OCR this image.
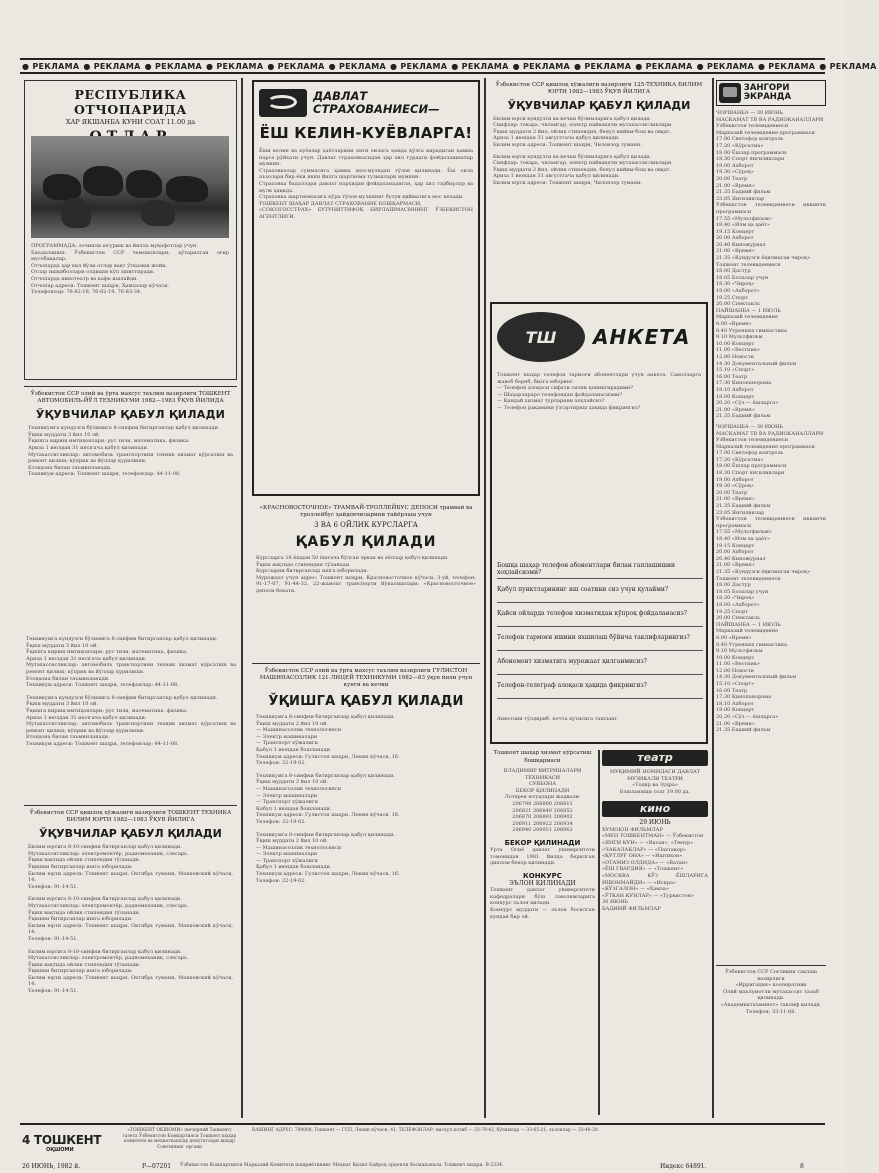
● РЕКЛАМА ● РЕКЛАМА ● РЕКЛАМА ● РЕКЛАМА ● РЕКЛАМА ● РЕКЛАМА ● РЕКЛАМА ● РЕКЛАМА ● РЕКЛАМА ● РЕКЛАМА ● РЕКЛАМА ● РЕКЛАМА ● РЕКЛАМА ● РЕКЛАМА
РЕСПУБЛИКА ОТЧОПАРИДА
ХАР ЯКШАНБА КУНИ СОАТ 11.00 да
ПРОГРАММАДА: лочинли югуриш ва йилла муқофотлар учун.
Баъдаланиш: Ўзбекистон ССР чемпионлари; қўтарилган оғир мусобақалар.
Отчопарда ҳар хил йўли отлар вақт ўтказиш жойи.
Отлар ишқибозлари олдидан кўп эшиттиради.
Отчопарда кинотеатр ва кафе ишлайди.
Отчопар адреси: Тошкент шаҳри, Ҳамзалар кўчаси.
Телефонлар: 76-82-18, 76-82-19, 76-83-34.
Ўзбекистон ССР олий ва ўрта махсус таълим вазирлиги ТОШКЕНТ АВТОМОБИЛЬ-ЙЎЛ ТЕХНИКУМИ 1982—1983 ЎҚУВ ЙИЛИДА
ЎҚУВЧИЛАР ҚАБУЛ ҚИЛАДИ
Техникумга кундузги бўлимига 8-синфни битирганлар қабул қилинади.
Ўқиш муддати 3 йил 10 ой.
Ўқишга кириш имтиҳонлари: рус тили, математика, физика.
Ариза 1 июлдан 31 июлгача қабул қилинади.
Мутахассисликлар: автомобиль транспортини техник хизмат кўрсатиш ва ремонт қилиш; кўприк ва йўллар қурилиши.
Етоқхона билан таъминланади.
Техникум адреси: Тошкент шаҳри, телефонлар: 44-11-08.
Техникумга кундузги бўлимига 8-синфни битирганлар қабул қилинади.
Ўқиш муддати 3 йил 10 ой.
Ўқишга кириш имтиҳонлари: рус тили, математика, физика.
Ариза 1 июлдан 31 июлгача қабул қилинади.
Мутахассисликлар: автомобиль транспортини техник хизмат кўрсатиш ва ремонт қилиш; кўприк ва йўллар қурилиши.
Етоқхона билан таъминланади.
Техникум адреси: Тошкент шаҳри, телефонлар: 44-11-08.
Техникумга кундузги бўлимига 8-синфни битирганлар қабул қилинади.
Ўқиш муддати 3 йил 10 ой.
Ўқишга кириш имтиҳонлари: рус тили, математика, физика.
Ариза 1 июлдан 31 июлгача қабул қилинади.
Мутахассисликлар: автомобиль транспортини техник хизмат кўрсатиш ва ремонт қилиш; кўприк ва йўллар қурилиши.
Етоқхона билан таъминланади.
Техникум адреси: Тошкент шаҳри, телефонлар: 44-11-08.
Ўзбекистон ССР қишлоқ хўжалиги вазирлиги ТОШКЕНТ ТЕХНИКА БИЛИМ ЮРТИ 1982—1983 ЎҚУВ ЙИЛИГА
ЎҚУВЧИЛАР ҚАБУЛ ҚИЛАДИ
Билим юртига 8-10-синфни битирганлар қабул қилинади.
Мутахассисликлар: электромонтёр, радиомеханик, слесарь.
Ўқиш вақтида ойлик стипендия тўланади.
Ўқишни битирганлар ишга юборилади.
Билим юрти адреси: Тошкент шаҳри, Октябрь тумани, Маяковский кўчаси, 14.
Телефон: 91-14-51.
Билим юртига 8-10-синфни битирганлар қабул қилинади.
Мутахассисликлар: электромонтёр, радиомеханик, слесарь.
Ўқиш вақтида ойлик стипендия тўланади.
Ўқишни битирганлар ишга юборилади.
Билим юрти адреси: Тошкент шаҳри, Октябрь тумани, Маяковский кўчаси, 14.
Телефон: 91-14-51.
Билим юртига 8-10-синфни битирганлар қабул қилинади.
Мутахассисликлар: электромонтёр, радиомеханик, слесарь.
Ўқиш вақтида ойлик стипендия тўланади.
Ўқишни битирганлар ишга юборилади.
Билим юрти адреси: Тошкент шаҳри, Октябрь тумани, Маяковский кўчаси, 14.
Телефон: 91-14-51.
ДАВЛАТ СТРАХОВАНИЕСИ—
ЁШ КЕЛИН-КУЁВЛАРГА!
Ёши келин ва куёвлар ҳаётларини янги оилага ҳамда қўлга кирадиган ҳамма нарса рўйхати учун. Давлат страховкасидан ҳар хил турдаги фойдаланишлар мумкин.
Страховкалар суммасига ҳамма мол-мулкдан тўлов қилинади. Ёш оила аъзолари бир ёки икки йилга шартнома тузишлари мумкин.
Страховка бадаллари давлат нархидан фойдаланадиган, ҳар хил тадбирлар ва мулк ҳақида.
Страховка шартномасига кўра тўлов мулкнинг бутун қийматига мос келади.
ТОШКЕНТ ШАҲАР ДАВЛАТ СТРАХОВАНИЕ БОШҚАРМАСИ,
«СОЮЗГОССТРАХ» БҮТУНИТТИФОҚ БИРЛАШМАСИНИНГ ЎЗБЕКИСТОН АГЕНТЛИГИ.
«КРАСНОВОСТОЧНОЕ» ТРАМВАЙ-ТРОЛЛЕЙБУС ДЕПОСИ трамвай ва троллейбус ҳайдовчиларини тайёрлаш учун
3 ВА 6 ОЙЛИК КУРСЛАРГА
ҚАБУЛ ҚИЛАДИ
Курсларга 18 ёшдан 50 ёшгача бўлган эркак ва аёллар қабул қилинади.
Ўқиш вақтида стипендия тўланади.
Курсларни битирганлар ишга юборилади.
Мурожаат учун адрес: Тошкент шаҳри, Красновосточное кўчаси, 3-уй, телефон: 91-17-07, 91-44-32, 22-жамоат транспорти йўналишлари: «Красновосточное» депоси бекати.
Ўзбекистон ССР олий ва ўрта махсус таълим вазирлиги ГУЛИСТОН МАШИНАСОЗЛИК 121-ЛИЦЕЙ ТЕХНИКУМИ 1982—83 ўқув йили учун кунги ва кечки
ЎҚИШГА ҚАБУЛ ҚИЛАДИ
Техникумга 8-синфни битирганлар қабул қилинади.
Ўқиш муддати 2 йил 10 ой.
— Машинасозлик технологияси
— Электр машиналари
— Транспорт хўжалиги
Қабул 1 июндан бошланади.
Техникум адреси: Гулистон шаҳри, Ленин кўчаси, 16.
Телефон: 22-19-02.
Техникумга 8-синфни битирганлар қабул қилинади.
Ўқиш муддати 2 йил 10 ой.
— Машинасозлик технологияси
— Электр машиналари
— Транспорт хўжалиги
Қабул 1 июндан бошланади.
Техникум адреси: Гулистон шаҳри, Ленин кўчаси, 16.
Телефон: 22-19-02.
Техникумга 8-синфни битирганлар қабул қилинади.
Ўқиш муддати 2 йил 10 ой.
— Машинасозлик технологияси
— Электр машиналари
— Транспорт хўжалиги
Қабул 1 июндан бошланади.
Техникум адреси: Гулистон шаҳри, Ленин кўчаси, 16.
Телефон: 22-19-02.
Ўзбекистон ССР қишлоқ хўжалиги вазирлиги 125-ТЕХНИКА БИЛИМ ЮРТИ 1982—1983 ЎҚУВ ЙИЛИГА
ЎҚУВЧИЛАР ҚАБУЛ ҚИЛАДИ
Билим юрти кундузги ва кечки бўлимларига қабул қилади.
Синфлар: токарь, чилангар, электр пайвандчи мутахассисликлари.
Ўқиш муддати 2 йил, ойлик стипендия, бепул кийим-бош ва овқат.
Ариза 1 июндан 31 августгача қабул қилинади.
Билим юрти адреси: Тошкент шаҳри, Чилонзор тумани.
Билим юрти кундузги ва кечки бўлимларига қабул қилади.
Синфлар: токарь, чилангар, электр пайвандчи мутахассисликлари.
Ўқиш муддати 2 йил, ойлик стипендия, бепул кийим-бош ва овқат.
Ариза 1 июндан 31 августгача қабул қилинади.
Билим юрти адреси: Тошкент шаҳри, Чилонзор тумани.
ТШ АНКЕТА
Тошкент шаҳар телефон тармоғи абонентлари учун анкета. Саволларга жавоб бериб, бизга юборинг.
— Телефон алоқаси сифати сизни қониқтирадими?
— Шаҳарлараро телефондан фойдаланасизми?
— Қандай хизмат турларини хоҳлайсиз?
— Телефон рақамини ўзгартириш ҳақида фикрингиз?
Бошқа шаҳар телефон абонентлари билан гаплашишни хоҳлайсизми?
Қабул пунктларининг иш соатини сиз учун қулайми?
Қайси ойларда телефон хизматидан кўпроқ фойдаланасиз?
Телефон тармоғи ишини яхшилаш бўйича таклифларингиз?
Абонемент хизматига мурожаат қилганмисиз?
Телефон-телеграф алоқаси ҳақида фикрингиз?
Анкетани тўлдириб, почта қутисига ташланг.
Тошкент шаҳар хизмат кўрсатиш бошқармаси
ВЛАДИМИР ВИТРИНАЛАРИ ТЕХНИКАСИ
СУВБОНА
БЕКОР ҚИЛИНАДИ
Лотерея ютуқлари жадвали:
206798 206800 206811
206821 206840 206852
206870 206891 206902
206911 206922 206934
206940 206951 206962
БЕКОР ҚИЛИНАДИ
Урта Осиё давлат университети томонидан 1981 йилда берилган диплом бекор қилинади.
КОНКУРС
ЭЪЛОН ҚИЛИНАДИ
Тошкент давлат университети кафедралари бўш лавозимларига конкурс эълон қилади.
Конкурс муддати — эълон босилган кундан бир ой.
театр
МУҚИМИЙ НОМИДАГИ ДАВЛАТ МУЗИКАЛИ ТЕАТРИ
«Тоҳир ва Зуҳра»
Бошланиши соат 19.00 да.
кино
29 ИЮНЬ
ХУМОЮН ФИЛЬМЛАР
«МЕН ТОШКЕНТМАН» — Ўзбекистон
«ЯНГИ КУН» — «Ватан», «Темур»
«ЧАКАЛАКЛАР» — «Пахтакор»
«ҚУТЛУҒ ОНА» — «Иштихон»
«ОТАМИЗ ОЛДИДА» — «Ватан»
«ЁШ ГВАРДИЯ» — «Тошкент»
«МОСКВА КЎЗ ЁШЛАРИГА ИШОНМАЙДИ» — «Искра»
«КЎЗГАЛОН» — «Ҳамза»
«ЎТКАН КУНЛАР» — «Туркистон»
30 ИЮНЬ
БАДИИЙ ФИЛЬМЛАР
ЗАНГОРИ ЭКРАНДА
ЧОРШАНБА — 30 ИЮНЬ
МАСКАМАТ ТВ ВА РАДИОКАНАЛЛАРИ
Узбекистон телевидениеси
Марказий телевидение программаси
17.00 Светофор контроль
17.20 «Кўрсатма»
18.00 Ёшлар программаси
18.30 Спорт янгиликлари
19.00 Ахборот
19.30 «Сўроқ»
20.00 Театр
21.00 «Время»
21.35 Бадиий фильм
23.05 Янгиликлар
Узбекистон телевидениеси иккинчи программаси
17.55 «Мультфильм»
18.40 «Илм ва ҳаёт»
19.15 Концерт
20.00 Ахборот
20.40 Киножурнал
21.00 «Время»
21.35 «Кундузги ёқилмаган чироқ»
Тошкент телевидениеси
18.00 Дастур
18.05 Болалар учун
18.30 «Чироқ»
19.00 «Ахборот»
19.25 Спорт
20.00 Спектакль
ПАЙШАНБА — 1 ИЮЛЬ
Марказий телевидение
8.00 «Время»
8.40 Утренняя гимнастика
9.10 Мультфильм
10.00 Концерт
11.00 «Вестник»
12.00 Новости
14.30 Документальный фильм
15.10 «Спорт»
16.00 Театр
17.30 Кинопанорама
18.10 Ахборот
19.00 Концерт
20.20 «Сўз — ёшларга»
21.00 «Время»
21.35 Бадиий фильм
ЧОРШАНБА — 30 ИЮНЬ
МАСКАМАТ ТВ ВА РАДИОКАНАЛЛАРИ
Узбекистон телевидениеси
Марказий телевидение программаси
17.00 Светофор контроль
17.20 «Кўрсатма»
18.00 Ёшлар программаси
18.30 Спорт янгиликлари
19.00 Ахборот
19.30 «Сўроқ»
20.00 Театр
21.00 «Время»
21.35 Бадиий фильм
23.05 Янгиликлар
Узбекистон телевидениеси иккинчи программаси
17.55 «Мультфильм»
18.40 «Илм ва ҳаёт»
19.15 Концерт
20.00 Ахборот
20.40 Киножурнал
21.00 «Время»
21.35 «Кундузги ёқилмаган чироқ»
Тошкент телевидениеси
18.00 Дастур
18.05 Болалар учун
18.30 «Чироқ»
19.00 «Ахборот»
19.25 Спорт
20.00 Спектакль
ПАЙШАНБА — 1 ИЮЛЬ
Марказий телевидение
8.00 «Время»
8.40 Утренняя гимнастика
9.10 Мультфильм
10.00 Концерт
11.00 «Вестник»
12.00 Новости
14.30 Документальный фильм
15.10 «Спорт»
16.00 Театр
17.30 Кинопанорама
18.10 Ахборот
19.00 Концерт
20.20 «Сўз — ёшларга»
21.00 «Время»
21.35 Бадиий фильм
Ўзбекистон ССР Соғлиқни сақлаш вазирлиги
«Ирригация» кооперативи
Олий маълумотли мутахассис талаб қилинади.
«Академиктаъминот» таклиф қилади.
Телефон: 33-11-08.
4 ТОШКЕНТ
ОҚШОМИ
26 ИЮНЬ, 1982 й.	Р—07201
«ТОШКЕНТ ОҚШОМИ» (вечерний Ташкент)
газета Ўзбекистон Компартияси Тошкент шаҳар комитети ва меҳнаткашлар депутатлари шаҳар Советининг органи
ВАШИНГ АДРЕС: 700000, Тошкент — ГСП, Ленин кўчаси, 41. ТЕЛЕФОНЛАР: масъул котиб — 33-79-42, бўлимлар — 33-65-21, эълонлар — 33-48-20.
Ўзбекистон Компартияси Марказий Комитети нашриётининг Меҳнат Қизил Байроқ орденли босмахонаси. Тошкент шаҳри, В-2334.	Индекс 64891.	8
